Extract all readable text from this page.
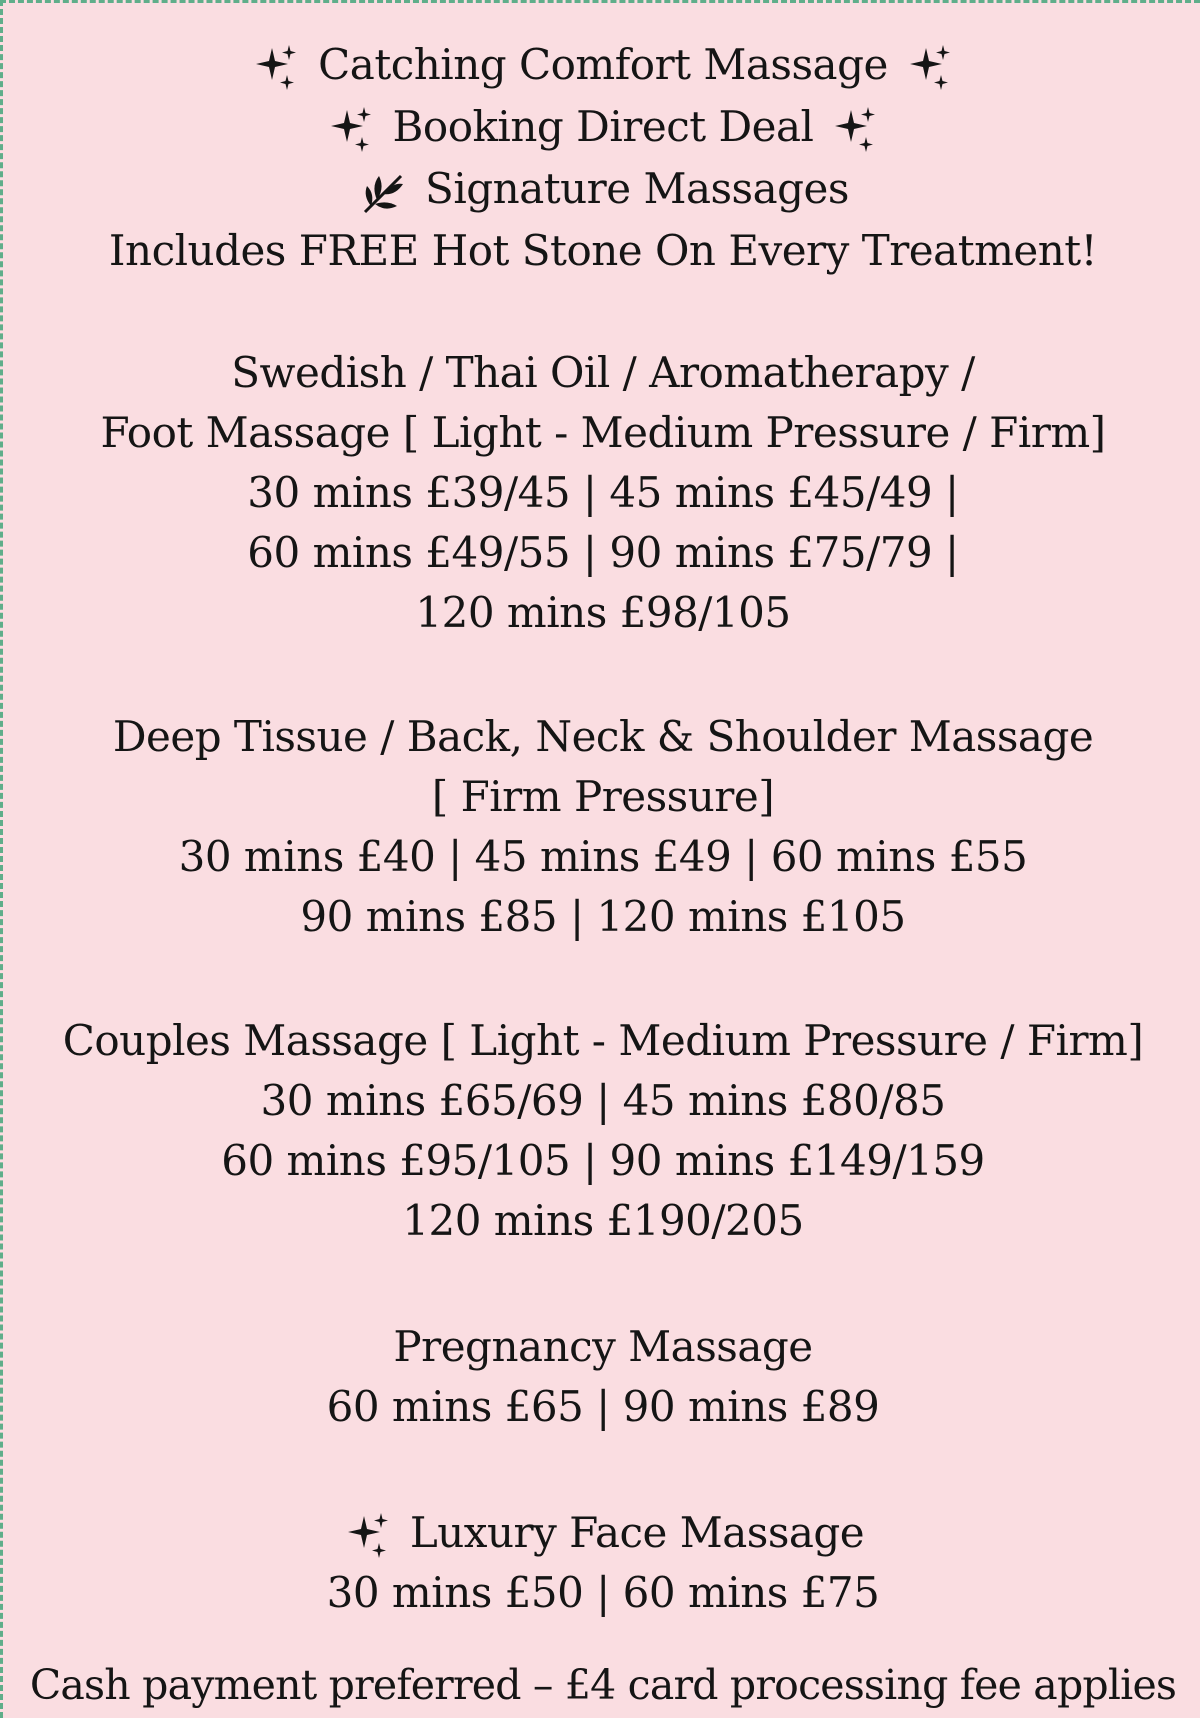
Catching Comfort Massage
Booking Direct Deal
Signature Massages
Includes FREE Hot Stone On Every Treatment!
Swedish / Thai Oil / Aromatherapy /
Foot Massage [ Light - Medium Pressure / Firm]
30 mins £39/45 | 45 mins £45/49 |
60 mins £49/55 | 90 mins £75/79 |
120 mins £98/105
Deep Tissue / Back, Neck & Shoulder Massage
[ Firm Pressure]
30 mins £40 | 45 mins £49 | 60 mins £55
90 mins £85 | 120 mins £105
Couples Massage [ Light - Medium Pressure / Firm]
30 mins £65/69 | 45 mins £80/85
60 mins £95/105 | 90 mins £149/159
120 mins £190/205
Pregnancy Massage
60 mins £65 | 90 mins £89
Luxury Face Massage
30 mins £50 | 60 mins £75
Cash payment preferred – £4 card processing fee applies
